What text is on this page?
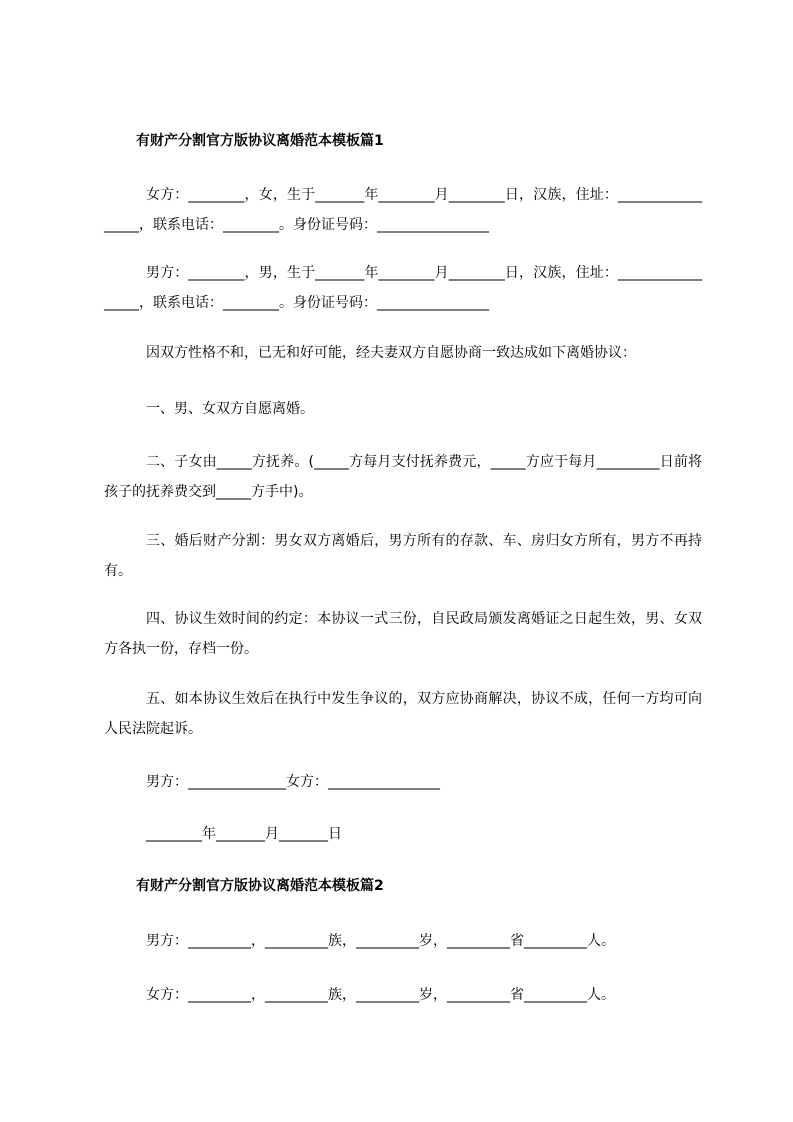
有财产分割官方版协议离婚范本模板篇1
女方：________，女，生于_______年________月________日，汉族，住址：_________________，联系电话：________。身份证号码：________________
男方：________，男，生于_______年________月________日，汉族，住址：_________________，联系电话：________。身份证号码：________________
因双方性格不和，已无和好可能，经夫妻双方自愿协商一致达成如下离婚协议：
一、男、女双方自愿离婚。
二、子女由_____方抚养。(_____方每月支付抚养费元，_____方应于每月_________日前将孩子的抚养费交到_____方手中)。
三、婚后财产分割：男女双方离婚后，男方所有的存款、车、房归女方所有，男方不再持有。
四、协议生效时间的约定：本协议一式三份，自民政局颁发离婚证之日起生效，男、女双方各执一份，存档一份。
五、如本协议生效后在执行中发生争议的，双方应协商解决，协议不成，任何一方均可向人民法院起诉。
男方：______________女方：________________
________年_______月_______日
有财产分割官方版协议离婚范本模板篇2
男方：_________，_________族，_________岁，_________省_________人。
女方：_________，_________族，_________岁，_________省_________人。
